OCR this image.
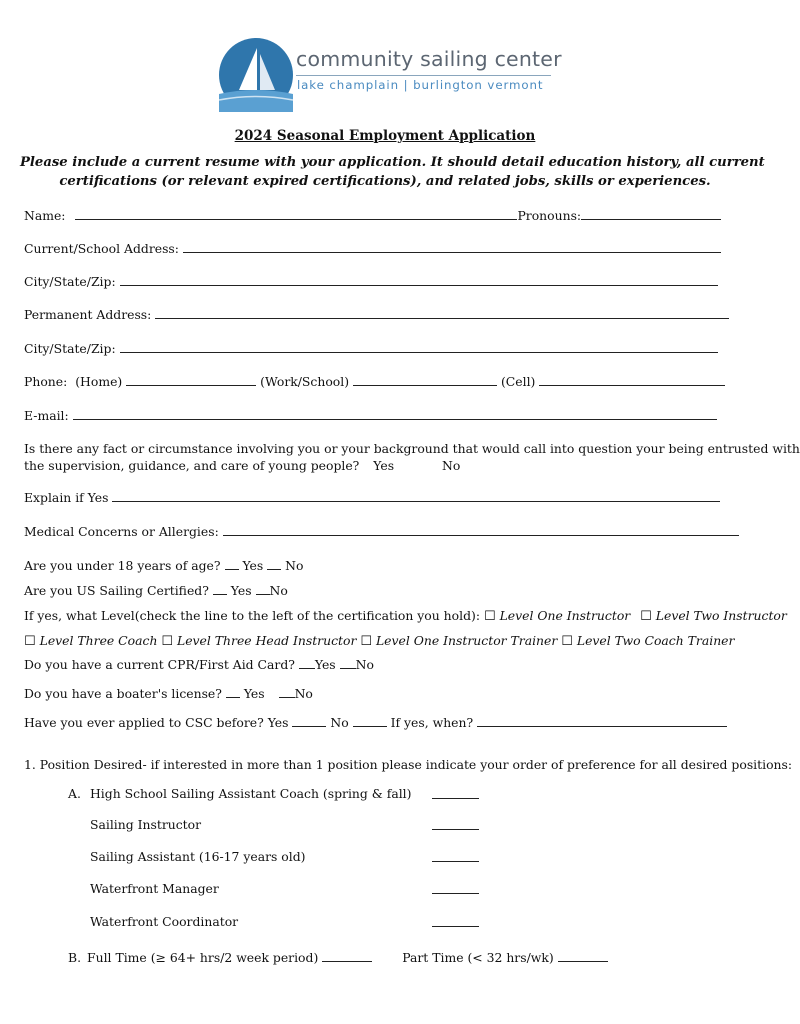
community sailing center
lake champlain | burlington vermont
2024 Seasonal Employment Application
Please include a current resume with your application. It should detail education history, all current
certifications (or relevant expired certifications), and related jobs, skills or experiences.
Name:	Pronouns:
Current/School Address:
City/State/Zip:
Permanent Address:
City/State/Zip:
Phone: (Home)	(Work/School)	(Cell)
E-mail:
Is there any fact or circumstance involving you or your background that would call into question your being entrusted with
the supervision, guidance, and care of young people? Yes	No
Explain if Yes
Medical Concerns or Allergies:
Are you under 18 years of age? Yes No
Are you US Sailing Certified? Yes No
If yes, what Level(check the line to the left of the certification you hold): ☐ Level One Instructor ☐ Level Two Instructor
☐ Level Three Coach ☐ Level Three Head Instructor ☐ Level One Instructor Trainer ☐ Level Two Coach Trainer
Do you have a current CPR/First Aid Card? Yes No
Do you have a boater's license? Yes No
Have you ever applied to CSC before? Yes	No	If yes, when?
1. Position Desired- if interested in more than 1 position please indicate your order of preference for all desired positions:
A. High School Sailing Assistant Coach (spring & fall)
Sailing Instructor
Sailing Assistant (16-17 years old)
Waterfront Manager
Waterfront Coordinator
B. Full Time (≥ 64+ hrs/2 week period)	Part Time (< 32 hrs/wk)
